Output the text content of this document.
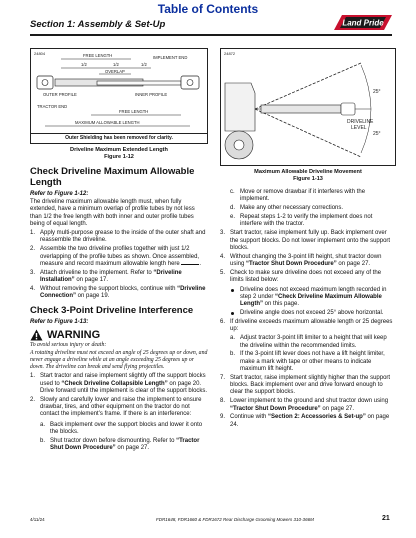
Table of Contents
Section 1: Assembly & Set-Up	Land Pride
24804	FREE LENGTH	IMPLEMENT END
1/2	1/2	1/2
OVERLAP
OUTER PROFILE	INNER PROFILE
TRACTOR END
FREE LENGTH
MAXIMUM ALLOWABLE LENGTH
Outer Shielding has been removed for clarity.
Driveline Maximum Extended Length
Figure 1-12
Check Driveline Maximum Allowable Length
Refer to Figure 1-12:

The driveline maximum allowable length must, when fully extended, have a minimum overlap of profile tubes by not less than 1/2 the free length with both inner and outer profile tubes being of equal length.

1. Apply multi-purpose grease to the inside of the outer shaft and reassemble the driveline.
2. Assemble the two driveline profiles together with just 1/2 overlapping of the profile tubes as shown. Once assembled, measure and record maximum allowable length here	.
3. Attach driveline to the implement. Refer to “Driveline Installation” on page 17.
4. Without removing the support blocks, continue with “Driveline Connection” on page 19.
Check 3-Point Driveline Interference
Refer to Figure 1-13:
WARNING
To avoid serious injury or death:
A rotating driveline must not exceed an angle of 25 degrees up or down, and never engage a driveline while at an angle exceeding 25 degrees up or down. The driveline can break and send flying projectiles.
1. Start tractor and raise implement slightly off the support blocks used to “Check Driveline Collapsible Length” on page 20. Drive forward until the implement is clear of the support blocks.
2. Slowly and carefully lower and raise the implement to ensure drawbar, tires, and other equipment on the tractor do not contact the implement’s frame. If there is an interference:
a. Back implement over the support blocks and lower it onto the blocks.
b. Shut tractor down before dismounting. Refer to “Tractor Shut Down Procedure” on page 27.
24872
25°
25°
DRIVELINE
LEVEL
Maximum Allowable Driveline Movement
Figure 1-13
c. Move or remove drawbar if it interferes with the implement.
d. Make any other necessary corrections.
e. Repeat steps 1-2 to verify the implement does not interfere with the tractor.
3. Start tractor, raise implement fully up. Back implement over the support blocks. Do not lower implement onto the support blocks.
4. Without changing the 3-point lift height, shut tractor down using “Tractor Shut Down Procedure” on page 27.
5. Check to make sure driveline does not exceed any of the limits listed below:
Driveline does not exceed maximum length recorded in step 2 under “Check Driveline Maximum Allowable Length” on this page.
Driveline angle does not exceed 25° above horizontal.
6. If driveline exceeds maximum allowable length or 25 degrees up:
a. Adjust tractor 3-point lift limiter to a height that will keep the driveline within the recommended limits.
b. If the 3-point lift lever does not have a lift height limiter, make a mark with tape or other means to indicate maximum lift height.
7. Start tractor, raise implement slightly higher than the support blocks. Back implement over and drive forward enough to clear the support blocks.
8. Lower implement to the ground and shut tractor down using “Tractor Shut Down Procedure” on page 27.
9. Continue with “Section 2: Accessories & Set-up” on page 24.
4/11/24	FDR1648, FDR1660 & FDR1672 Rear Discharge Grooming Mowers 310-366M	21
